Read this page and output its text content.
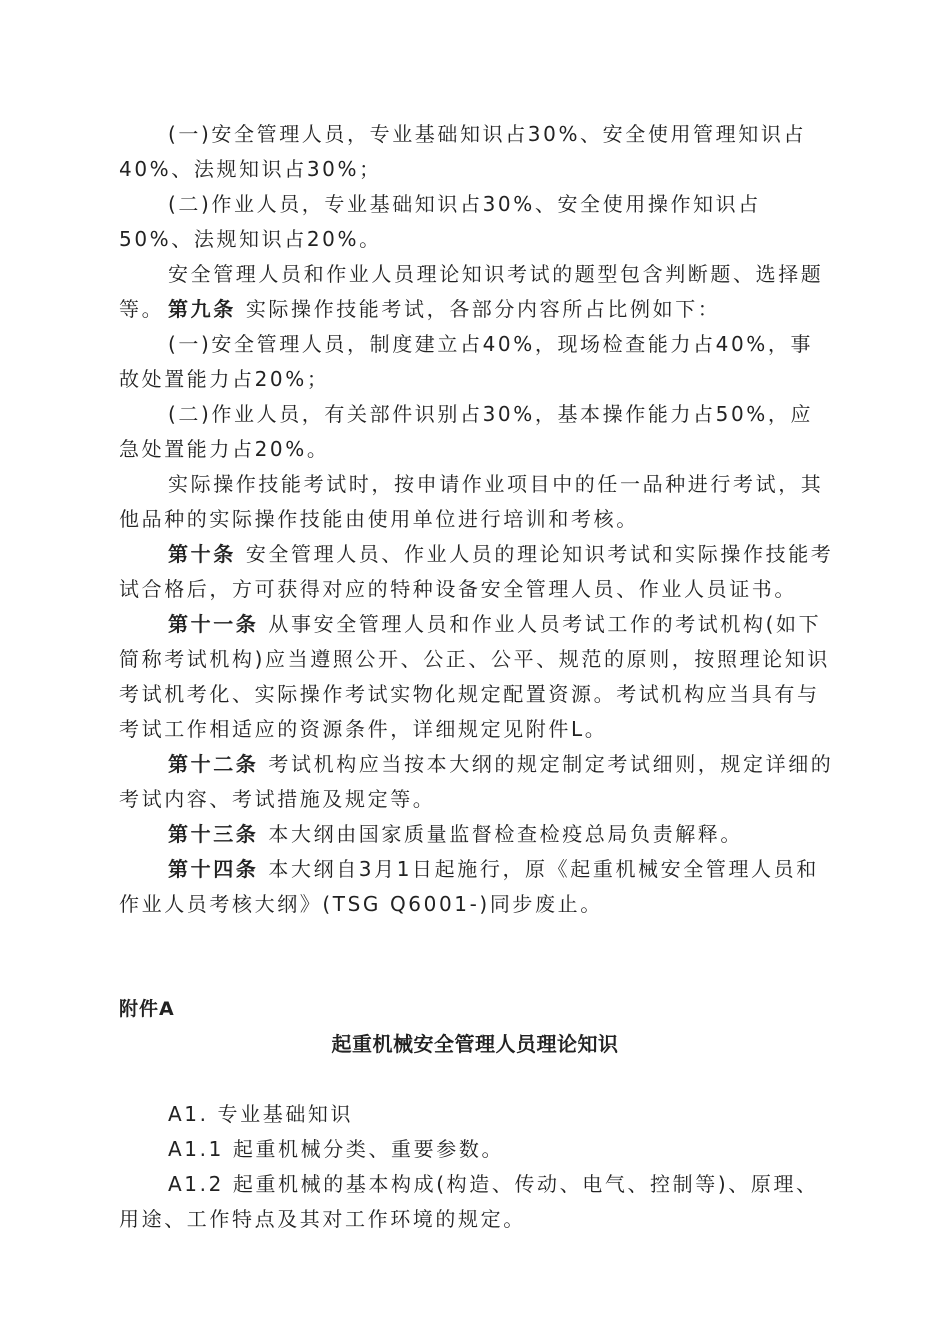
(一)安全管理人员，专业基础知识占30%、安全使用管理知识占40%、法规知识占30%；

(二)作业人员，专业基础知识占30%、安全使用操作知识占50%、法规知识占20%。

安全管理人员和作业人员理论知识考试的题型包含判断题、选择题等。 第九条 实际操作技能考试，各部分内容所占比例如下：

(一)安全管理人员，制度建立占40%，现场检查能力占40%，事故处置能力占20%；

(二)作业人员，有关部件识别占30%，基本操作能力占50%，应急处置能力占20%。

实际操作技能考试时，按申请作业项目中的任一品种进行考试，其他品种的实际操作技能由使用单位进行培训和考核。

第十条 安全管理人员、作业人员的理论知识考试和实际操作技能考试合格后，方可获得对应的特种设备安全管理人员、作业人员证书。

第十一条 从事安全管理人员和作业人员考试工作的考试机构(如下简称考试机构)应当遵照公开、公正、公平、规范的原则，按照理论知识考试机考化、实际操作考试实物化规定配置资源。考试机构应当具有与考试工作相适应的资源条件，详细规定见附件L。

第十二条 考试机构应当按本大纲的规定制定考试细则，规定详细的考试内容、考试措施及规定等。

第十三条 本大纲由国家质量监督检查检疫总局负责解释。

第十四条 本大纲自3月1日起施行，原《起重机械安全管理人员和作业人员考核大纲》(TSG Q6001-)同步废止。

附件A

起重机械安全管理人员理论知识

A1. 专业基础知识

A1.1 起重机械分类、重要参数。

A1.2 起重机械的基本构成(构造、传动、电气、控制等)、原理、用途、工作特点及其对工作环境的规定。
